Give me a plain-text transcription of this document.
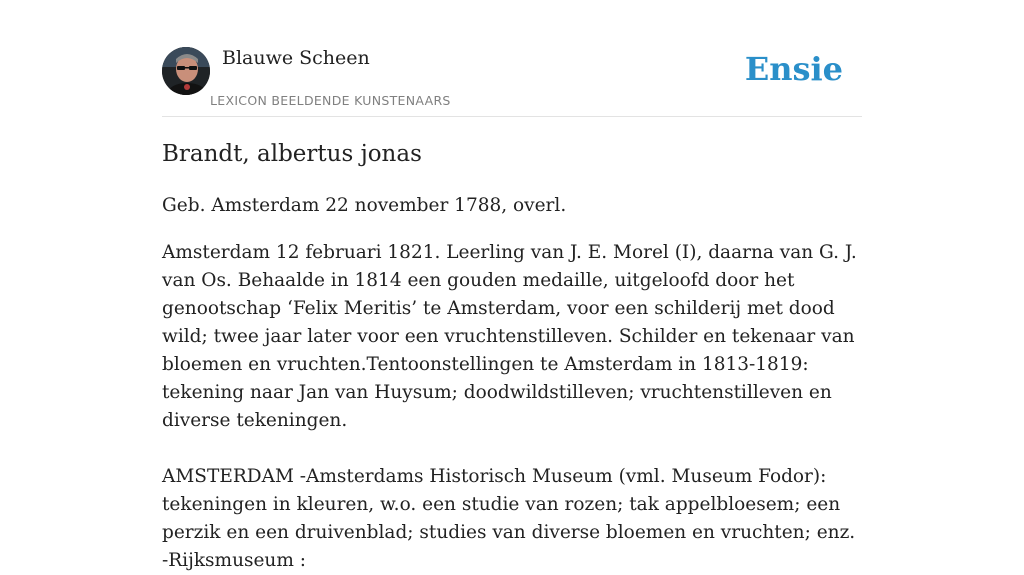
Blauwe Scheen
LEXICON BEELDENDE KUNSTENAARS
Ensie
Brandt, albertus jonas

Geb. Amsterdam 22 november 1788, overl.

Amsterdam 12 februari 1821. Leerling van J. E. Morel (I), daarna van G. J. van Os. Behaalde in 1814 een gouden medaille, uitgeloofd door het genootschap ‘Felix Meritis’ te Amsterdam, voor een schilderij met dood wild; twee jaar later voor een vruchtenstilleven. Schilder en tekenaar van bloemen en vruchten.Tentoonstellingen te Amsterdam in 1813-1819: tekening naar Jan van Huysum; doodwildstilleven; vruchtenstilleven en diverse tekeningen.

AMSTERDAM -Amsterdams Historisch Museum (vml. Museum Fodor): tekeningen in kleuren, w.o. een studie van rozen; tak appelbloesem; een perzik en een druivenblad; studies van diverse bloemen en vruchten; enz. -Rijksmuseum :
